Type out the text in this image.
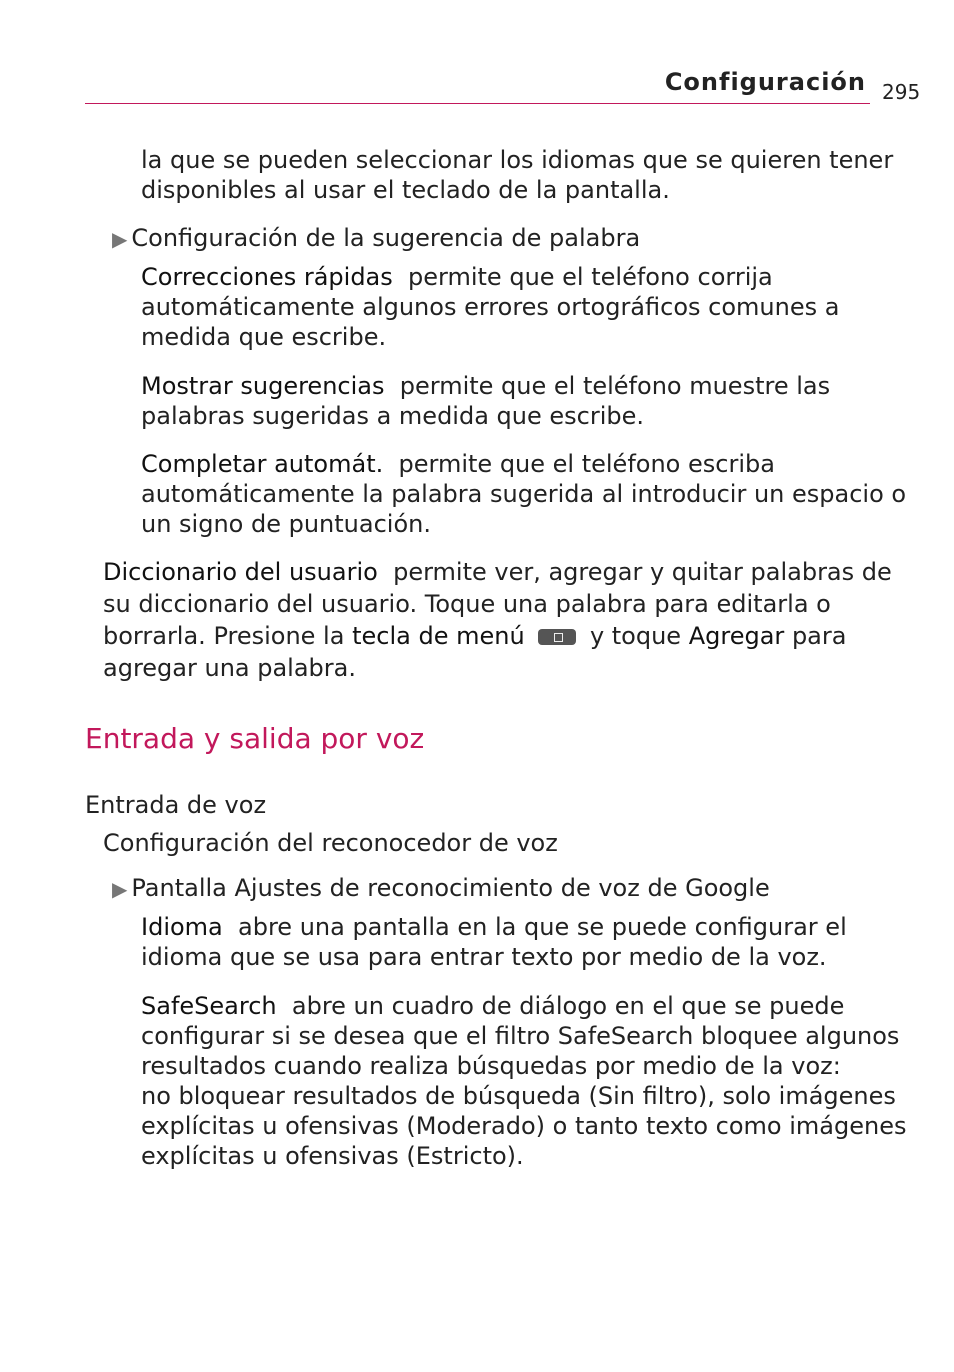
Configuración 295

la que se pueden seleccionar los idiomas que se quieren tener
disponibles al usar el teclado de la pantalla.

▶ Configuración de la sugerencia de palabra

Correcciones rápidas permite que el teléfono corrija
automáticamente algunos errores ortográficos comunes a
medida que escribe.

Mostrar sugerencias permite que el teléfono muestre las
palabras sugeridas a medida que escribe.

Completar automát. permite que el teléfono escriba
automáticamente la palabra sugerida al introducir un espacio o
un signo de puntuación.

Diccionario del usuario permite ver, agregar y quitar palabras de
su diccionario del usuario. Toque una palabra para editarla o
borrarla. Presione la tecla de menú	y toque Agregar para
agregar una palabra.

Entrada y salida por voz

Entrada de voz

Configuración del reconocedor de voz

▶ Pantalla Ajustes de reconocimiento de voz de Google

Idioma abre una pantalla en la que se puede configurar el
idioma que se usa para entrar texto por medio de la voz.

SafeSearch abre un cuadro de diálogo en el que se puede
configurar si se desea que el filtro SafeSearch bloquee algunos
resultados cuando realiza búsquedas por medio de la voz:
no bloquear resultados de búsqueda (Sin filtro), solo imágenes
explícitas u ofensivas (Moderado) o tanto texto como imágenes
explícitas u ofensivas (Estricto).
